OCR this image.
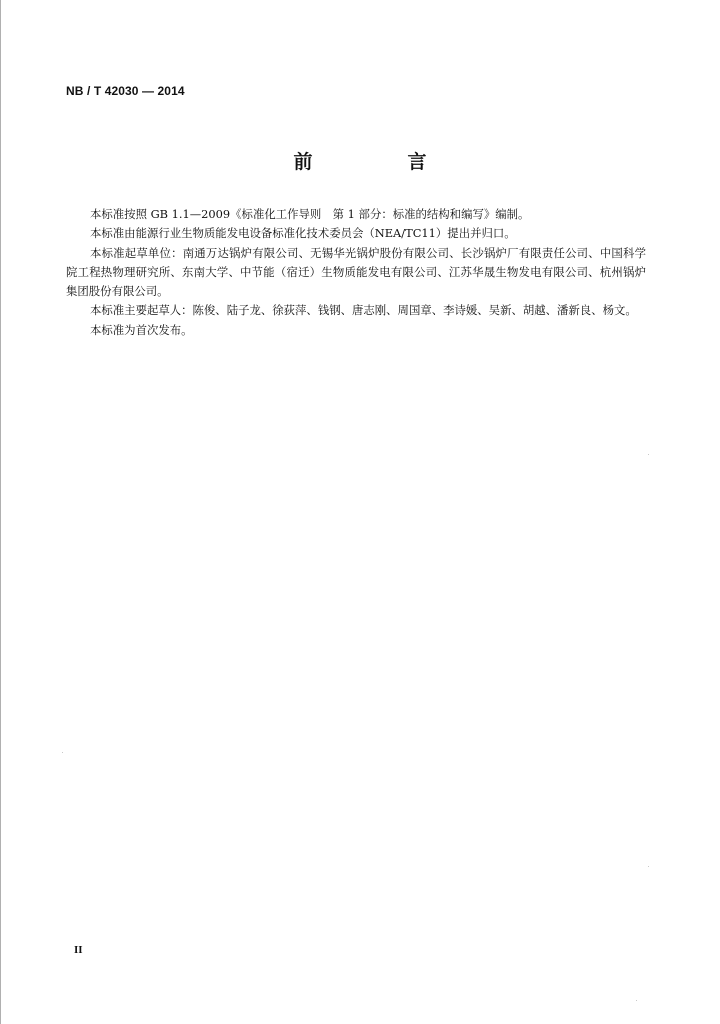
NB / T 42030 — 2014
前　言

本标准按照 GB 1.1—2009《标准化工作导则　第 1 部分：标准的结构和编写》编制。

本标准由能源行业生物质能发电设备标准化技术委员会（NEA/TC11）提出并归口。

本标准起草单位：南通万达锅炉有限公司、无锡华光锅炉股份有限公司、长沙锅炉厂有限责任公司、中国科学院工程热物理研究所、东南大学、中节能（宿迁）生物质能发电有限公司、江苏华晟生物发电有限公司、杭州锅炉集团股份有限公司。

本标准主要起草人：陈俊、陆子龙、徐荻萍、钱钢、唐志刚、周国章、李诗媛、吴新、胡越、潘新良、杨文。

本标准为首次发布。

II
